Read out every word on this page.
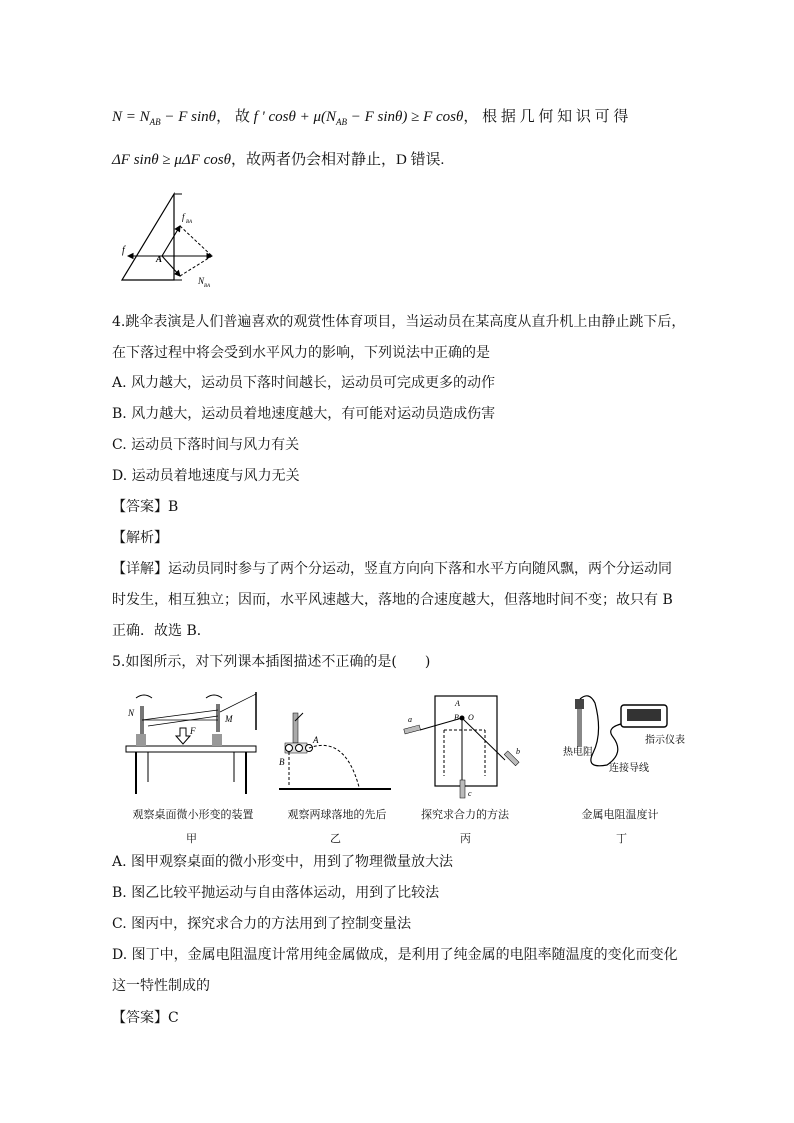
$N = N_{AB} - F$ sinθ， 故 f ' $\cos\theta + \mu(N_{AB} - F$ sinθ) ≥ F cosθ， 根 据 几 何 知 识 可 得
ΔF sinθ ≥ μΔF cosθ，故两者仍会相对静止，D 错误.
f
f
BA
A
N
BA
4.跳伞表演是人们普遍喜欢的观赏性体育项目，当运动员在某高度从直升机上由静止跳下后，
在下落过程中将会受到水平风力的影响，下列说法中正确的是
A. 风力越大，运动员下落时间越长，运动员可完成更多的动作
B. 风力越大，运动员着地速度越大，有可能对运动员造成伤害
C. 运动员下落时间与风力有关
D. 运动员着地速度与风力无关
【答案】B
【解析】
【详解】运动员同时参与了两个分运动，竖直方向向下落和水平方向随风飘，两个分运动同
时发生，相互独立；因而，水平风速越大，落地的合速度越大，但落地时间不变；故只有 B
正确．故选 B．
5.如图所示，对下列课本插图描述不正确的是(　　)
N
M
F
A
B
A
B O
a
b
c
热电阻
指示仪表
连接导线
观察桌面微小形变的装置	观察两球落地的先后	探究求合力的方法	金属电阻温度计
甲	乙	丙	丁
A. 图甲观察桌面的微小形变中，用到了物理微量放大法
B. 图乙比较平抛运动与自由落体运动，用到了比较法
C. 图丙中，探究求合力的方法用到了控制变量法
D. 图丁中，金属电阻温度计常用纯金属做成，是利用了纯金属的电阻率随温度的变化而变化
这一特性制成的
【答案】C
